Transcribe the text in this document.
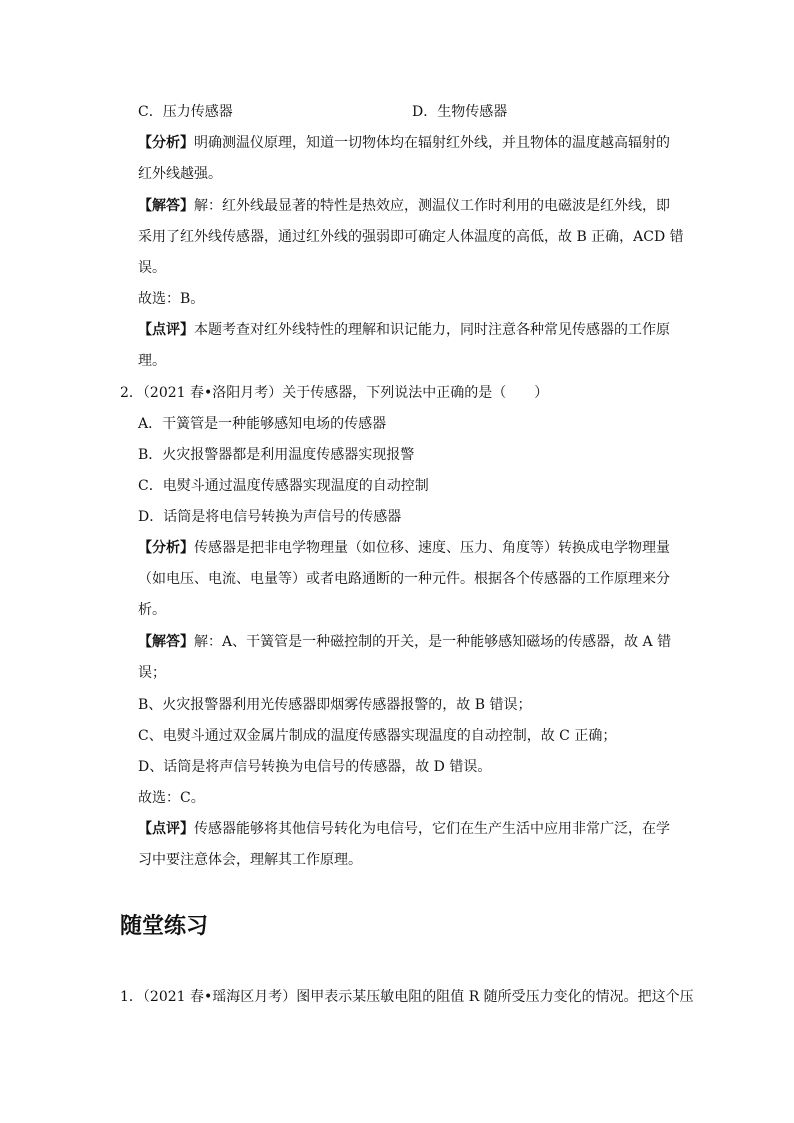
C．压力传感器	D．生物传感器
【分析】明确测温仪原理，知道一切物体均在辐射红外线，并且物体的温度越高辐射的
红外线越强。
【解答】解：红外线最显著的特性是热效应，测温仪工作时利用的电磁波是红外线，即
采用了红外线传感器，通过红外线的强弱即可确定人体温度的高低，故 B 正确，ACD 错
误。
故选：B。
【点评】本题考查对红外线特性的理解和识记能力，同时注意各种常见传感器的工作原
理。
2．（2021 春•洛阳月考）关于传感器，下列说法中正确的是（　　）
A．干簧管是一种能够感知电场的传感器
B．火灾报警器都是利用温度传感器实现报警
C．电熨斗通过温度传感器实现温度的自动控制
D．话筒是将电信号转换为声信号的传感器
【分析】传感器是把非电学物理量（如位移、速度、压力、角度等）转换成电学物理量
（如电压、电流、电量等）或者电路通断的一种元件。根据各个传感器的工作原理来分
析。
【解答】解：A、干簧管是一种磁控制的开关，是一种能够感知磁场的传感器，故 A 错
误；
B、火灾报警器利用光传感器即烟雾传感器报警的，故 B 错误；
C、电熨斗通过双金属片制成的温度传感器实现温度的自动控制，故 C 正确；
D、话筒是将声信号转换为电信号的传感器，故 D 错误。
故选：C。
【点评】传感器能够将其他信号转化为电信号，它们在生产生活中应用非常广泛，在学
习中要注意体会，理解其工作原理。
随堂练习
1．（2021 春•瑶海区月考）图甲表示某压敏电阻的阻值 R 随所受压力变化的情况。把这个压
